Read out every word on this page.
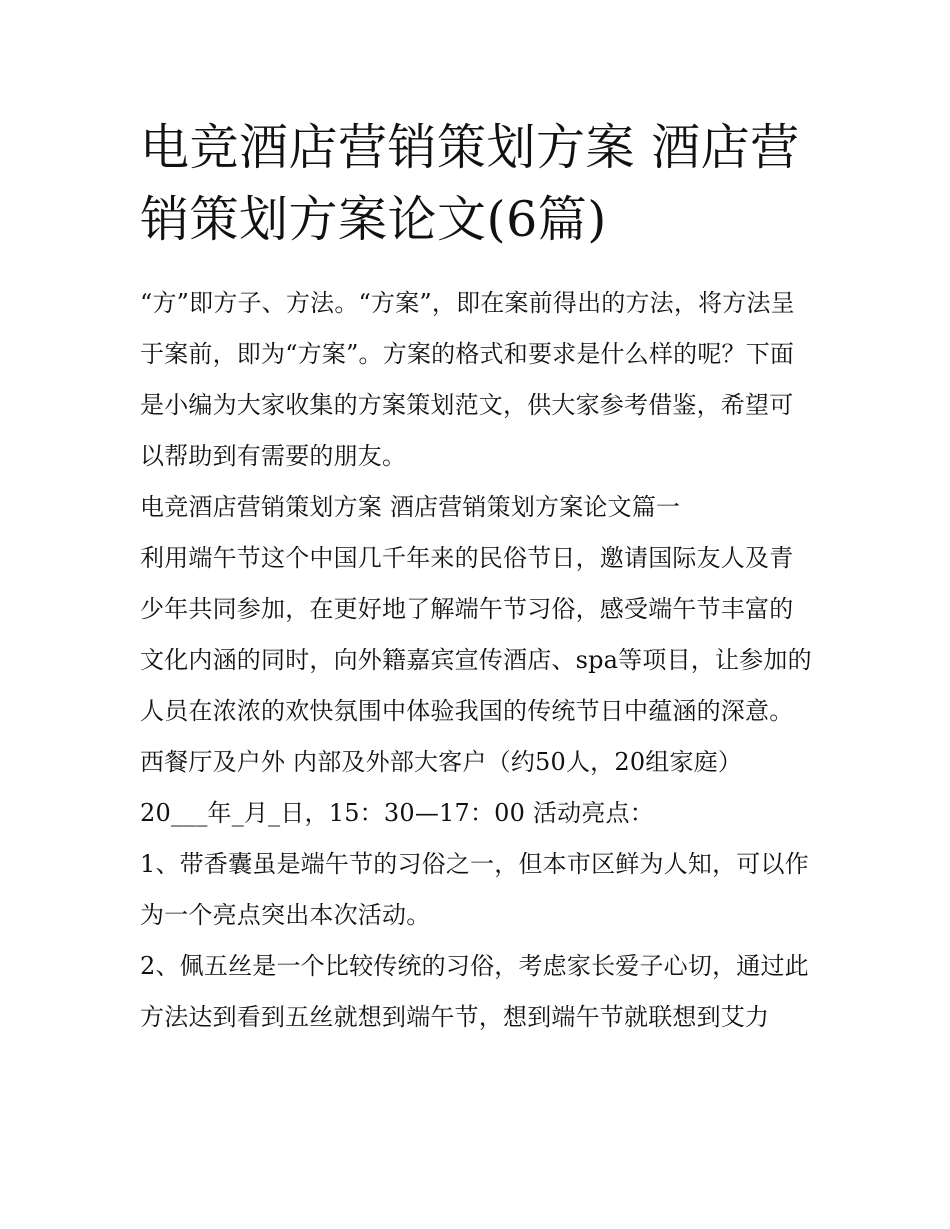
电竞酒店营销策划方案 酒店营销策划方案论文(6篇)

“方”即方子、方法。“方案”，即在案前得出的方法，将方法呈于案前，即为“方案”。方案的格式和要求是什么样的呢？下面是小编为大家收集的方案策划范文，供大家参考借鉴，希望可以帮助到有需要的朋友。

电竞酒店营销策划方案 酒店营销策划方案论文篇一

利用端午节这个中国几千年来的民俗节日，邀请国际友人及青少年共同参加，在更好地了解端午节习俗，感受端午节丰富的文化内涵的同时，向外籍嘉宾宣传酒店、spa等项目，让参加的人员在浓浓的欢快氛围中体验我国的传统节日中蕴涵的深意。

西餐厅及户外 内部及外部大客户（约50人，20组家庭）

20___年_月_日，15：30—17：00 活动亮点：

1、带香囊虽是端午节的习俗之一，但本市区鲜为人知，可以作为一个亮点突出本次活动。

2、佩五丝是一个比较传统的习俗，考虑家长爱子心切，通过此方法达到看到五丝就想到端午节，想到端午节就联想到艾力
